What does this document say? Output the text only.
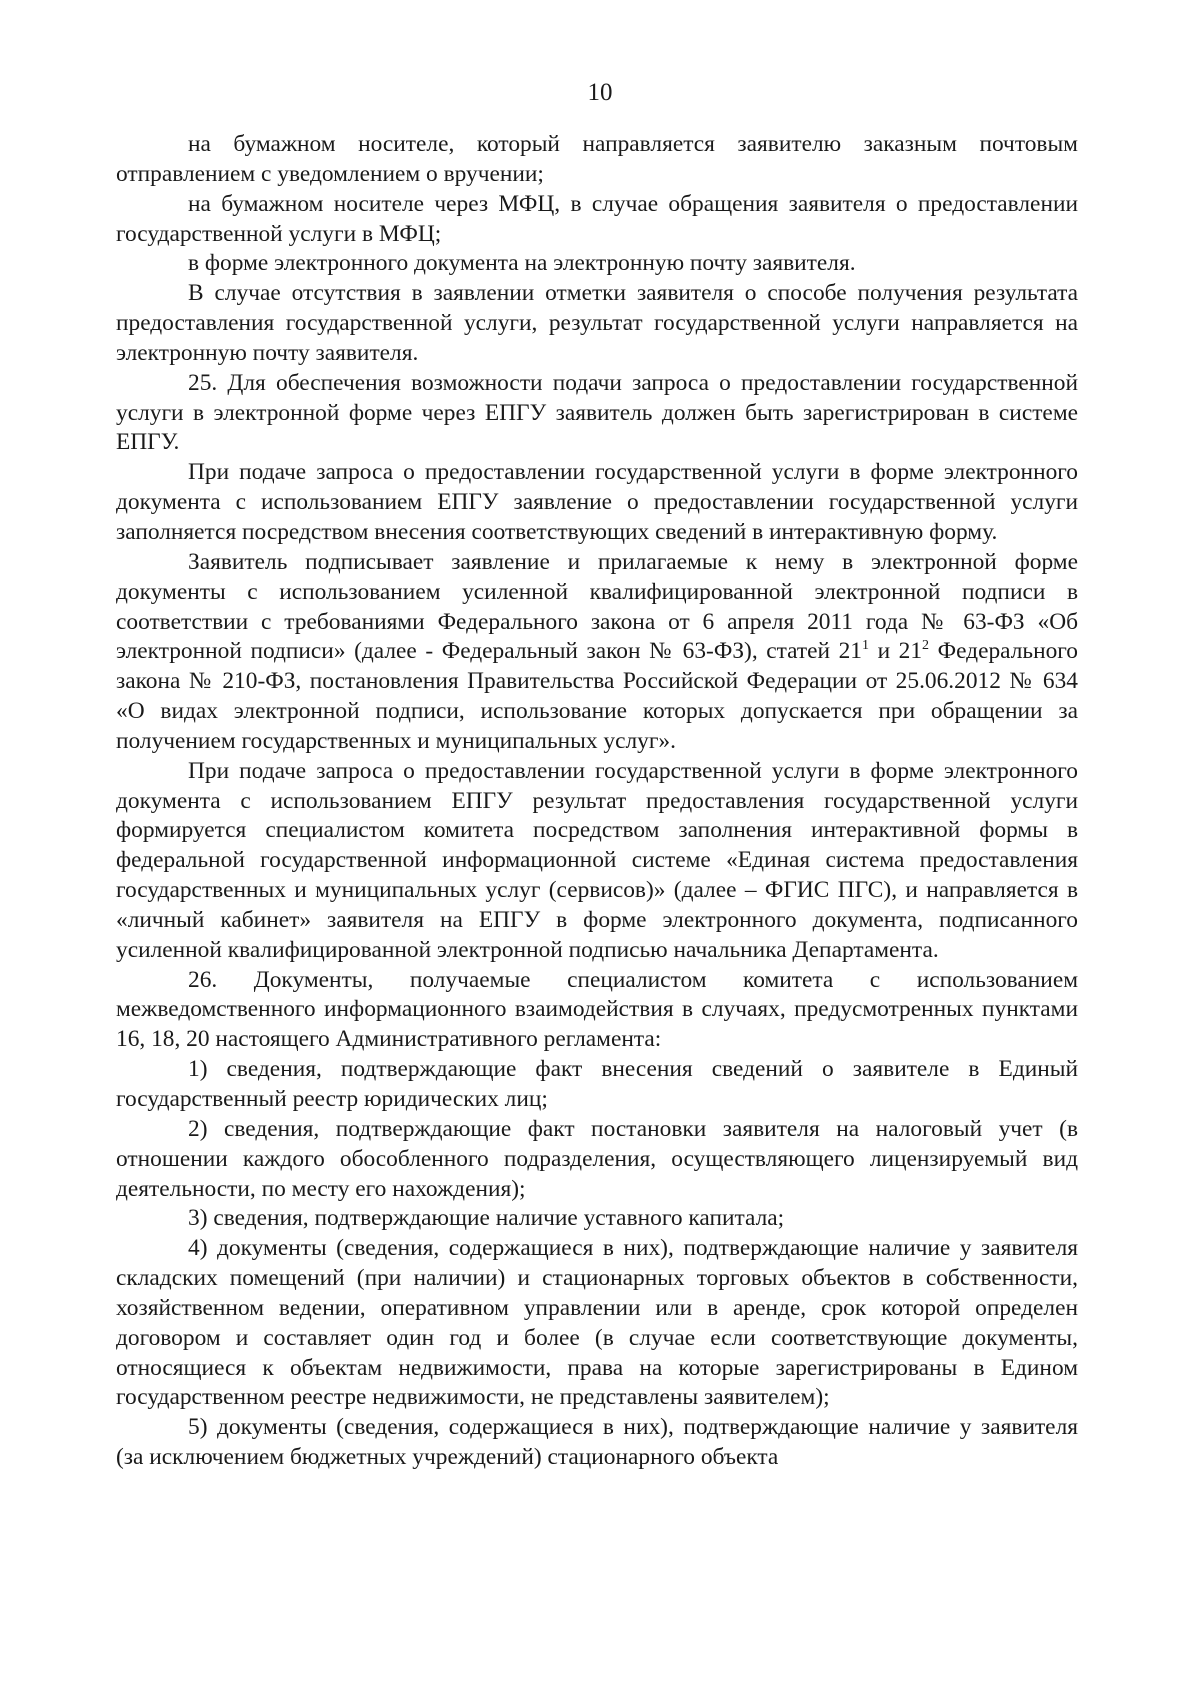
10

на бумажном носителе, который направляется заявителю заказным почтовым отправлением с уведомлением о вручении;

на бумажном носителе через МФЦ, в случае обращения заявителя о предоставлении государственной услуги в МФЦ;

в форме электронного документа на электронную почту заявителя.

В случае отсутствия в заявлении отметки заявителя о способе получения результата предоставления государственной услуги, результат государственной услуги направляется на электронную почту заявителя.

25. Для обеспечения возможности подачи запроса о предоставлении государственной услуги в электронной форме через ЕПГУ заявитель должен быть зарегистрирован в системе ЕПГУ.

При подаче запроса о предоставлении государственной услуги в форме электронного документа с использованием ЕПГУ заявление о предоставлении государственной услуги заполняется посредством внесения соответствующих сведений в интерактивную форму.

Заявитель подписывает заявление и прилагаемые к нему в электронной форме документы с использованием усиленной квалифицированной электронной подписи в соответствии с требованиями Федерального закона от 6 апреля 2011 года № 63-ФЗ «Об электронной подписи» (далее - Федеральный закон № 63-ФЗ), статей $21^1$ и $21^2$ Федерального закона № 210-ФЗ, постановления Правительства Российской Федерации от 25.06.2012 № 634 «О видах электронной подписи, использование которых допускается при обращении за получением государственных и муниципальных услуг».

При подаче запроса о предоставлении государственной услуги в форме электронного документа с использованием ЕПГУ результат предоставления государственной услуги формируется специалистом комитета посредством заполнения интерактивной формы в федеральной государственной информационной системе «Единая система предоставления государственных и муниципальных услуг (сервисов)» (далее – ФГИС ПГС), и направляется в «личный кабинет» заявителя на ЕПГУ в форме электронного документа, подписанного усиленной квалифицированной электронной подписью начальника Департамента.

26. Документы, получаемые специалистом комитета с использованием межведомственного информационного взаимодействия в случаях, предусмотренных пунктами 16, 18, 20 настоящего Административного регламента:

1) сведения, подтверждающие факт внесения сведений о заявителе в Единый государственный реестр юридических лиц;

2) сведения, подтверждающие факт постановки заявителя на налоговый учет (в отношении каждого обособленного подразделения, осуществляющего лицензируемый вид деятельности, по месту его нахождения);

3) сведения, подтверждающие наличие уставного капитала;

4) документы (сведения, содержащиеся в них), подтверждающие наличие у заявителя складских помещений (при наличии) и стационарных торговых объектов в собственности, хозяйственном ведении, оперативном управлении или в аренде, срок которой определен договором и составляет один год и более (в случае если соответствующие документы, относящиеся к объектам недвижимости, права на которые зарегистрированы в Едином государственном реестре недвижимости, не представлены заявителем);

5) документы (сведения, содержащиеся в них), подтверждающие наличие у заявителя (за исключением бюджетных учреждений) стационарного объекта
